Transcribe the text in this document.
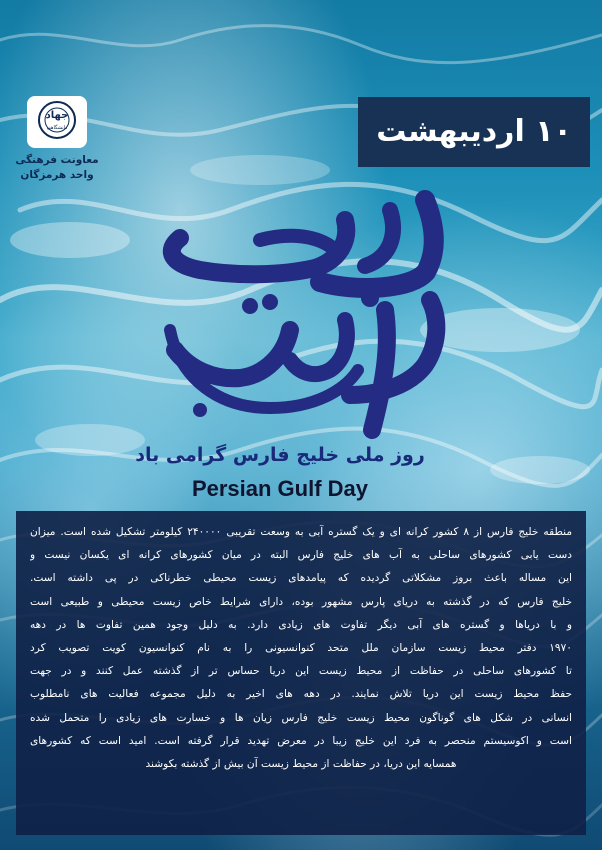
جهاد
دانشگاهی
معاونت فرهنگی
واحد هرمزگان
۱۰ اردیبهشت
روز ملی خلیج فارس گرامی باد
Persian Gulf Day
منطقه خلیج فارس از ۸ کشور کرانه ای و یک گستره آبی به وسعت تقریبی ۲۴۰۰۰۰ کیلومتر تشکیل شده است. میزان
دست یابی کشورهای ساحلی به آب های خلیج فارس البته در میان کشورهای کرانه ای یکسان نیست و
این مساله باعث بروز مشکلاتی گردیده که پیامدهای زیست محیطی خطرناکی در پی داشته است.
خلیج فارس که در گذشته به دریای پارس مشهور بوده، دارای شرایط خاص زیست محیطی و طبیعی است
و با دریاها و گستره های آبی دیگر تفاوت های زیادی دارد. به دلیل وجود همین تفاوت ها در دهه
۱۹۷۰ دفتر محیط زیست سازمان ملل متحد کنوانسیونی را به نام کنوانسیون کویت تصویب کرد
تا کشورهای ساحلی در حفاظت از محیط زیست این دریا حساس تر از گذشته عمل کنند و در جهت
حفظ محیط زیست این دریا تلاش نمایند. در دهه های اخیر به دلیل مجموعه فعالیت های نامطلوب
انسانی در شکل های گوناگون محیط زیست خلیج فارس زیان ها و خسارت های زیادی را متحمل شده
است و اکوسیستم منحصر به فرد این خلیج زیبا در معرض تهدید قرار گرفته است. امید است که کشورهای
همسایه این دریا، در حفاظت از محیط زیست آن بیش از گذشته بکوشند
